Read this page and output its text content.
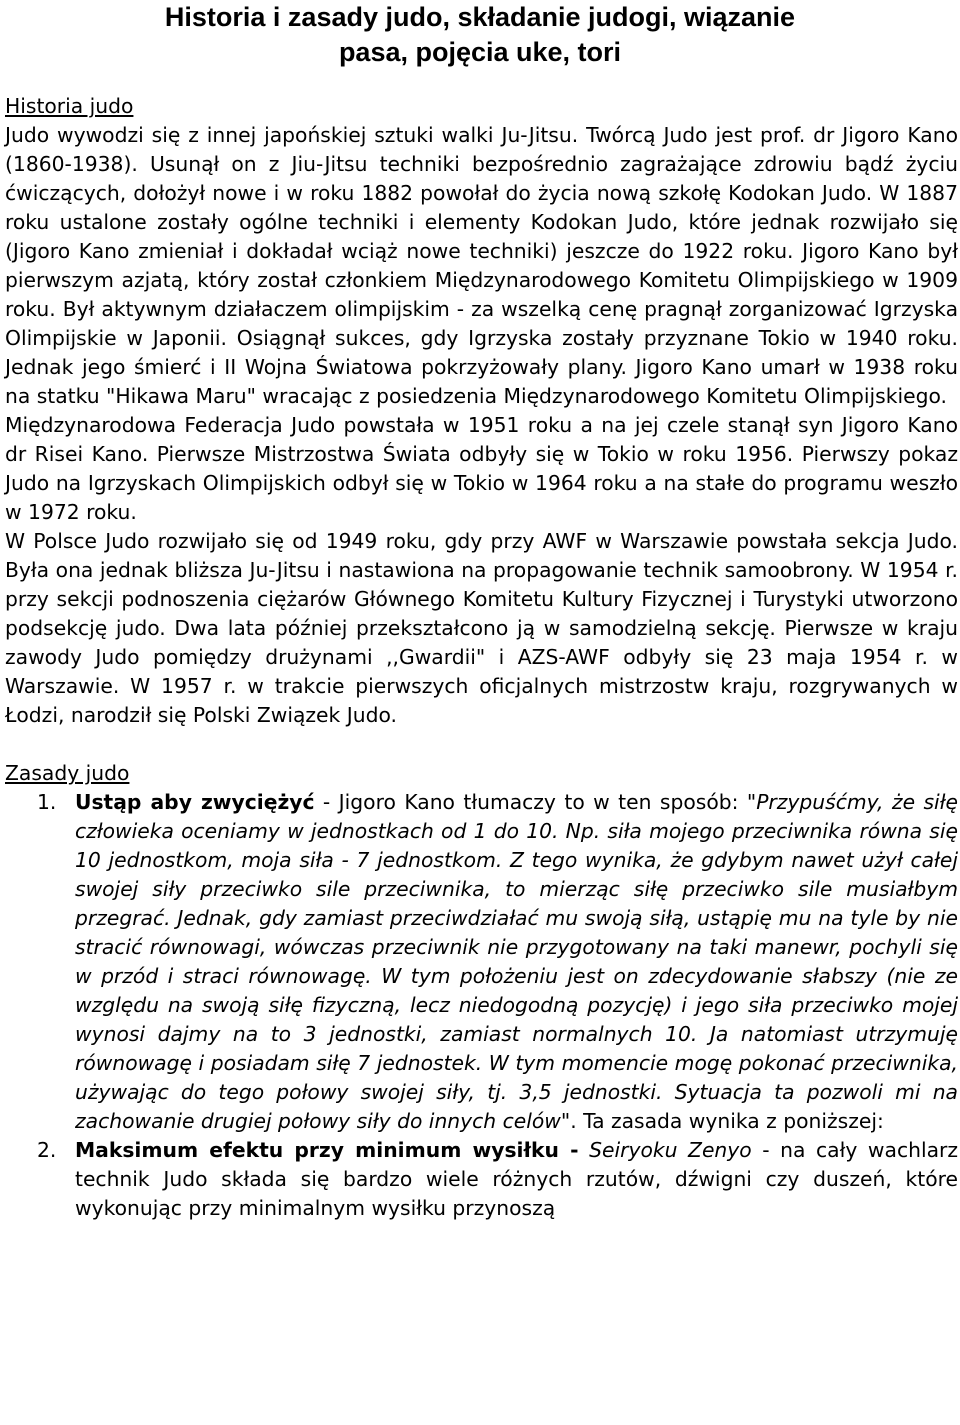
Historia i zasady judo, składanie judogi, wiązanie
pasa, pojęcia uke, tori
Historia judo
Judo wywodzi się z innej japońskiej sztuki walki Ju-Jitsu. Twórcą Judo jest prof. dr Jigoro Kano (1860-1938). Usunął on z Jiu-Jitsu techniki bezpośrednio zagrażające zdrowiu bądź życiu ćwiczących, dołożył nowe i w roku 1882 powołał do życia nową szkołę Kodokan Judo. W 1887 roku ustalone zostały ogólne techniki i elementy Kodokan Judo, które jednak rozwijało się (Jigoro Kano zmieniał i dokładał wciąż nowe techniki) jeszcze do 1922 roku. Jigoro Kano był pierwszym azjatą, który został członkiem Międzynarodowego Komitetu Olimpijskiego w 1909 roku. Był aktywnym działaczem olimpijskim - za wszelką cenę pragnął zorganizować Igrzyska Olimpijskie w Japonii. Osiągnął sukces, gdy Igrzyska zostały przyznane Tokio w 1940 roku. Jednak jego śmierć i II Wojna Światowa pokrzyżowały plany. Jigoro Kano umarł w 1938 roku na statku "Hikawa Maru" wracając z posiedzenia Międzynarodowego Komitetu Olimpijskiego.
Międzynarodowa Federacja Judo powstała w 1951 roku a na jej czele stanął syn Jigoro Kano dr Risei Kano. Pierwsze Mistrzostwa Świata odbyły się w Tokio w roku 1956. Pierwszy pokaz Judo na Igrzyskach Olimpijskich odbył się w Tokio w 1964 roku a na stałe do programu weszło w 1972 roku.
W Polsce Judo rozwijało się od 1949 roku, gdy przy AWF w Warszawie powstała sekcja Judo. Była ona jednak bliższa Ju-Jitsu i nastawiona na propagowanie technik samoobrony. W 1954 r. przy sekcji podnoszenia ciężarów Głównego Komitetu Kultury Fizycznej i Turystyki utworzono podsekcję judo. Dwa lata później przekształcono ją w samodzielną sekcję. Pierwsze w kraju zawody Judo pomiędzy drużynami ,,Gwardii" i AZS-AWF odbyły się 23 maja 1954 r. w Warszawie. W 1957 r. w trakcie pierwszych oficjalnych mistrzostw kraju, rozgrywanych w Łodzi, narodził się Polski Związek Judo.
Zasady judo
1. Ustąp aby zwyciężyć - Jigoro Kano tłumaczy to w ten sposób: "Przypuśćmy, że siłę człowieka oceniamy w jednostkach od 1 do 10. Np. siła mojego przeciwnika równa się 10 jednostkom, moja siła - 7 jednostkom. Z tego wynika, że gdybym nawet użył całej swojej siły przeciwko sile przeciwnika, to mierząc siłę przeciwko sile musiałbym przegrać. Jednak, gdy zamiast przeciwdziałać mu swoją siłą, ustąpię mu na tyle by nie stracić równowagi, wówczas przeciwnik nie przygotowany na taki manewr, pochyli się w przód i straci równowagę. W tym położeniu jest on zdecydowanie słabszy (nie ze względu na swoją siłę fizyczną, lecz niedogodną pozycję) i jego siła przeciwko mojej wynosi dajmy na to 3 jednostki, zamiast normalnych 10. Ja natomiast utrzymuję równowagę i posiadam siłę 7 jednostek. W tym momencie mogę pokonać przeciwnika, używając do tego połowy swojej siły, tj. 3,5 jednostki. Sytuacja ta pozwoli mi na zachowanie drugiej połowy siły do innych celów". Ta zasada wynika z poniższej:
2. Maksimum efektu przy minimum wysiłku - Seiryoku Zenyo - na cały wachlarz technik Judo składa się bardzo wiele różnych rzutów, dźwigni czy duszeń, które wykonując przy minimalnym wysiłku przynoszą
